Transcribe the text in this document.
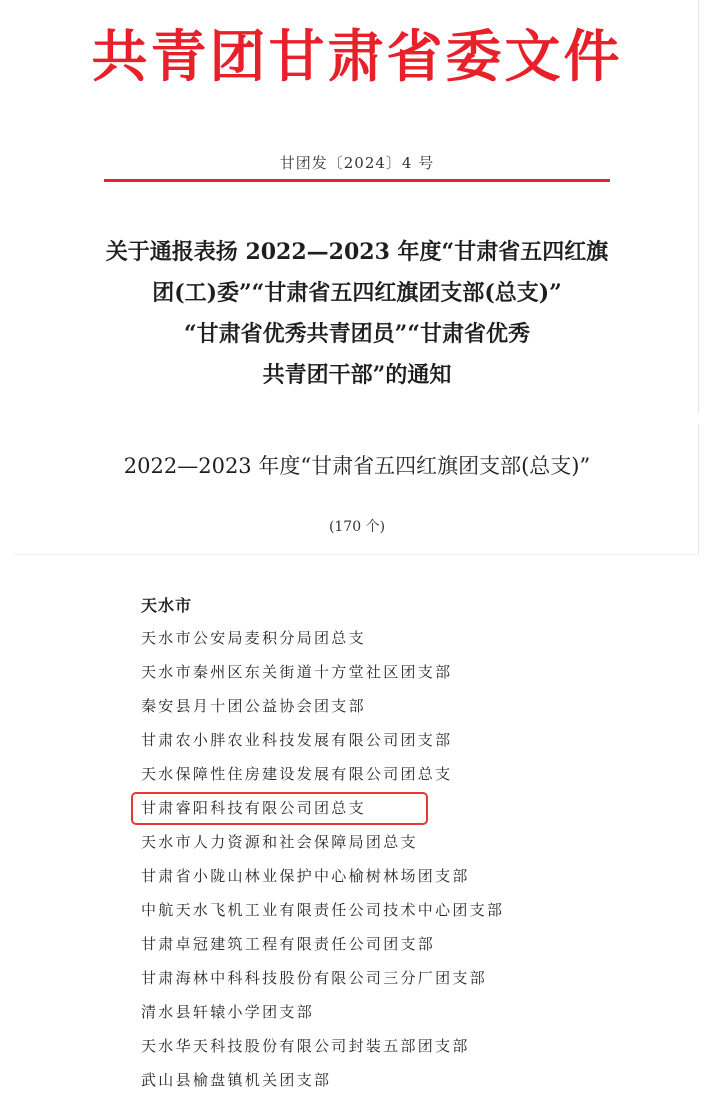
共青团甘肃省委文件
甘团发〔2024〕4 号
关于通报表扬 2022—2023 年度“甘肃省五四红旗
团(工)委”“甘肃省五四红旗团支部(总支)”
“甘肃省优秀共青团员”“甘肃省优秀
共青团干部”的通知
2022—2023 年度“甘肃省五四红旗团支部(总支)”
(170 个)
天水市
天水市公安局麦积分局团总支
天水市秦州区东关街道十方堂社区团支部
秦安县月十团公益协会团支部
甘肃农小胖农业科技发展有限公司团支部
天水保障性住房建设发展有限公司团总支
甘肃睿阳科技有限公司团总支
天水市人力资源和社会保障局团总支
甘肃省小陇山林业保护中心榆树林场团支部
中航天水飞机工业有限责任公司技术中心团支部
甘肃卓冠建筑工程有限责任公司团支部
甘肃海林中科科技股份有限公司三分厂团支部
清水县轩辕小学团支部
天水华天科技股份有限公司封装五部团支部
武山县榆盘镇机关团支部
